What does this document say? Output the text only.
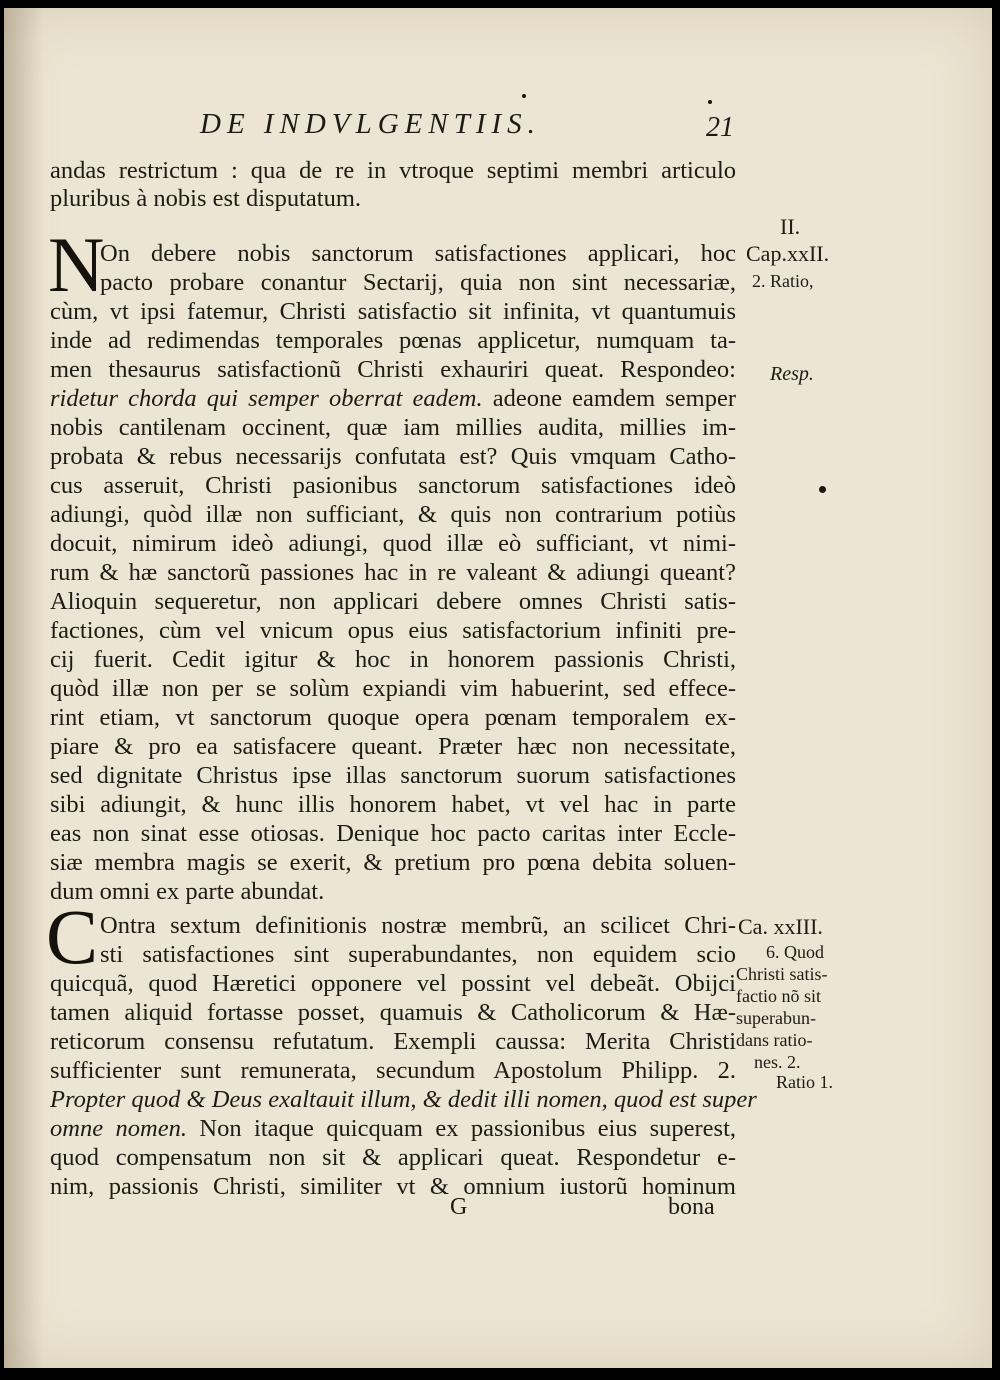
DE INDVLGENTIIS.	21
andas restrictum : qua de re in vtroque septimi membri articulo
pluribus à nobis est disputatum.
N
On debere nobis sanctorum satisfactiones applicari, hoc
pacto probare conantur Sectarij, quia non sint necessariæ,
cùm, vt ipsi fatemur, Christi satisfactio sit infinita, vt quantumuis
inde ad redimendas temporales pœnas applicetur, numquam ta-
men thesaurus satisfactionũ Christi exhauriri queat. Respondeo:
ridetur chorda qui semper oberrat eadem. adeone eamdem semper
nobis cantilenam occinent, quæ iam millies audita, millies im-
probata & rebus necessarijs confutata est? Quis vmquam Catho-
cus asseruit, Christi pasionibus sanctorum satisfactiones ideò
adiungi, quòd illæ non sufficiant, & quis non contrarium potiùs
docuit, nimirum ideò adiungi, quod illæ eò sufficiant, vt nimi-
rum & hæ sanctorũ passiones hac in re valeant & adiungi queant?
Alioquin sequeretur, non applicari debere omnes Christi satis-
factiones, cùm vel vnicum opus eius satisfactorium infiniti pre-
cij fuerit. Cedit igitur & hoc in honorem passionis Christi,
quòd illæ non per se solùm expiandi vim habuerint, sed effece-
rint etiam, vt sanctorum quoque opera pœnam temporalem ex-
piare & pro ea satisfacere queant. Præter hæc non necessitate,
sed dignitate Christus ipse illas sanctorum suorum satisfactiones
sibi adiungit, & hunc illis honorem habet, vt vel hac in parte
eas non sinat esse otiosas. Denique hoc pacto caritas inter Eccle-
siæ membra magis se exerit, & pretium pro pœna debita soluen-
dum omni ex parte abundat.
C Ontra sextum definitionis nostræ membrũ, an scilicet Chri-
sti satisfactiones sint superabundantes, non equidem scio
quicquã, quod Hæretici opponere vel possint vel debeãt. Obijci
tamen aliquid fortasse posset, quamuis & Catholicorum & Hæ-
reticorum consensu refutatum. Exempli caussa: Merita Christi
sufficienter sunt remunerata, secundum Apostolum Philipp. 2.
Propter quod & Deus exaltauit illum, & dedit illi nomen, quod est super
omne nomen. Non itaque quicquam ex passionibus eius superest,
quod compensatum non sit & applicari queat. Respondetur e-
nim, passionis Christi, similiter vt & omnium iustorũ hominum
II.
Cap.xxII.
2. Ratio,
Resp.
Ca. xxIII.
6. Quod
Christi satis-
factio nõ sit
superabun-
dans ratio-
nes. 2.
Ratio 1.
G	bona
